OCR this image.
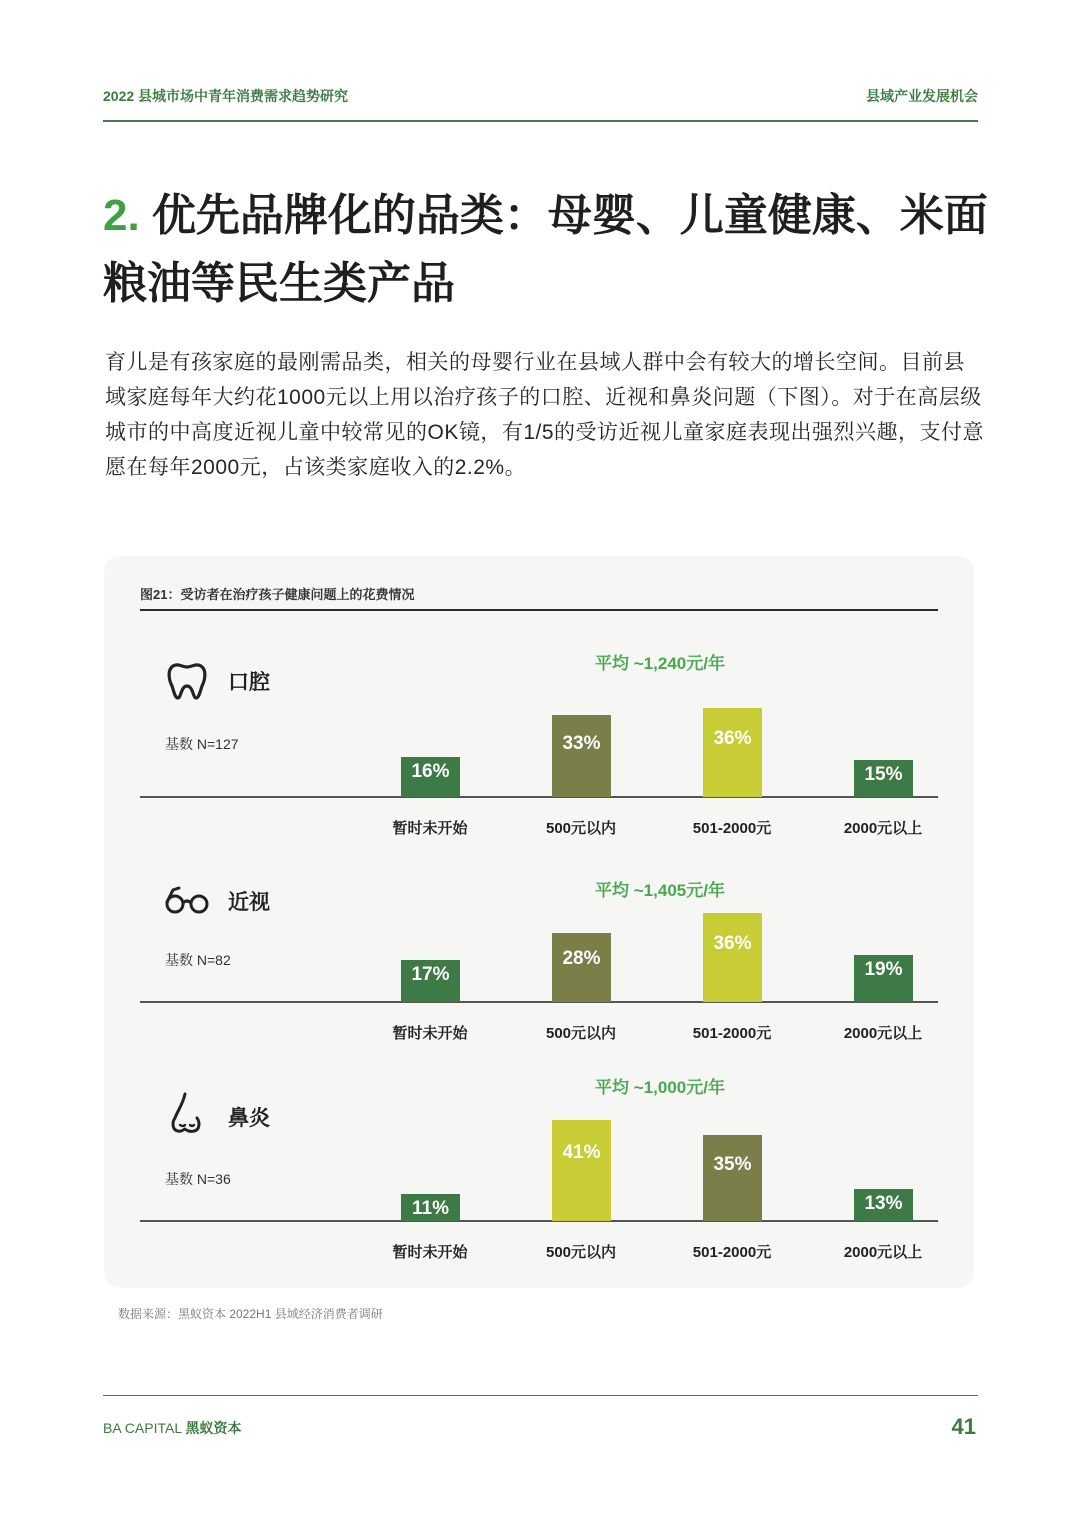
2022 县城市场中青年消费需求趋势研究	县域产业发展机会
2. 优先品牌化的品类：母婴、儿童健康、米面粮油等民生类产品
育儿是有孩家庭的最刚需品类，相关的母婴行业在县域人群中会有较大的增长空间。目前县域家庭每年大约花1000元以上用以治疗孩子的口腔、近视和鼻炎问题（下图）。对于在高层级城市的中高度近视儿童中较常见的OK镜，有1/5的受访近视儿童家庭表现出强烈兴趣，支付意愿在每年2000元，占该类家庭收入的2.2%。
图21：受访者在治疗孩子健康问题上的花费情况
口腔
基数 N=127
平均 ~1,240元/年
16%
暂时未开始
33%
500元以内
36%
501-2000元
15%
2000元以上
近视
基数 N=82
平均 ~1,405元/年
17%
暂时未开始
28%
500元以内
36%
501-2000元
19%
2000元以上
鼻炎
基数 N=36
平均 ~1,000元/年
11%
暂时未开始
41%
500元以内
35%
501-2000元
13%
2000元以上
数据来源：黑蚁资本 2022H1 县域经济消费者调研
BA CAPITAL 黑蚁资本	41
